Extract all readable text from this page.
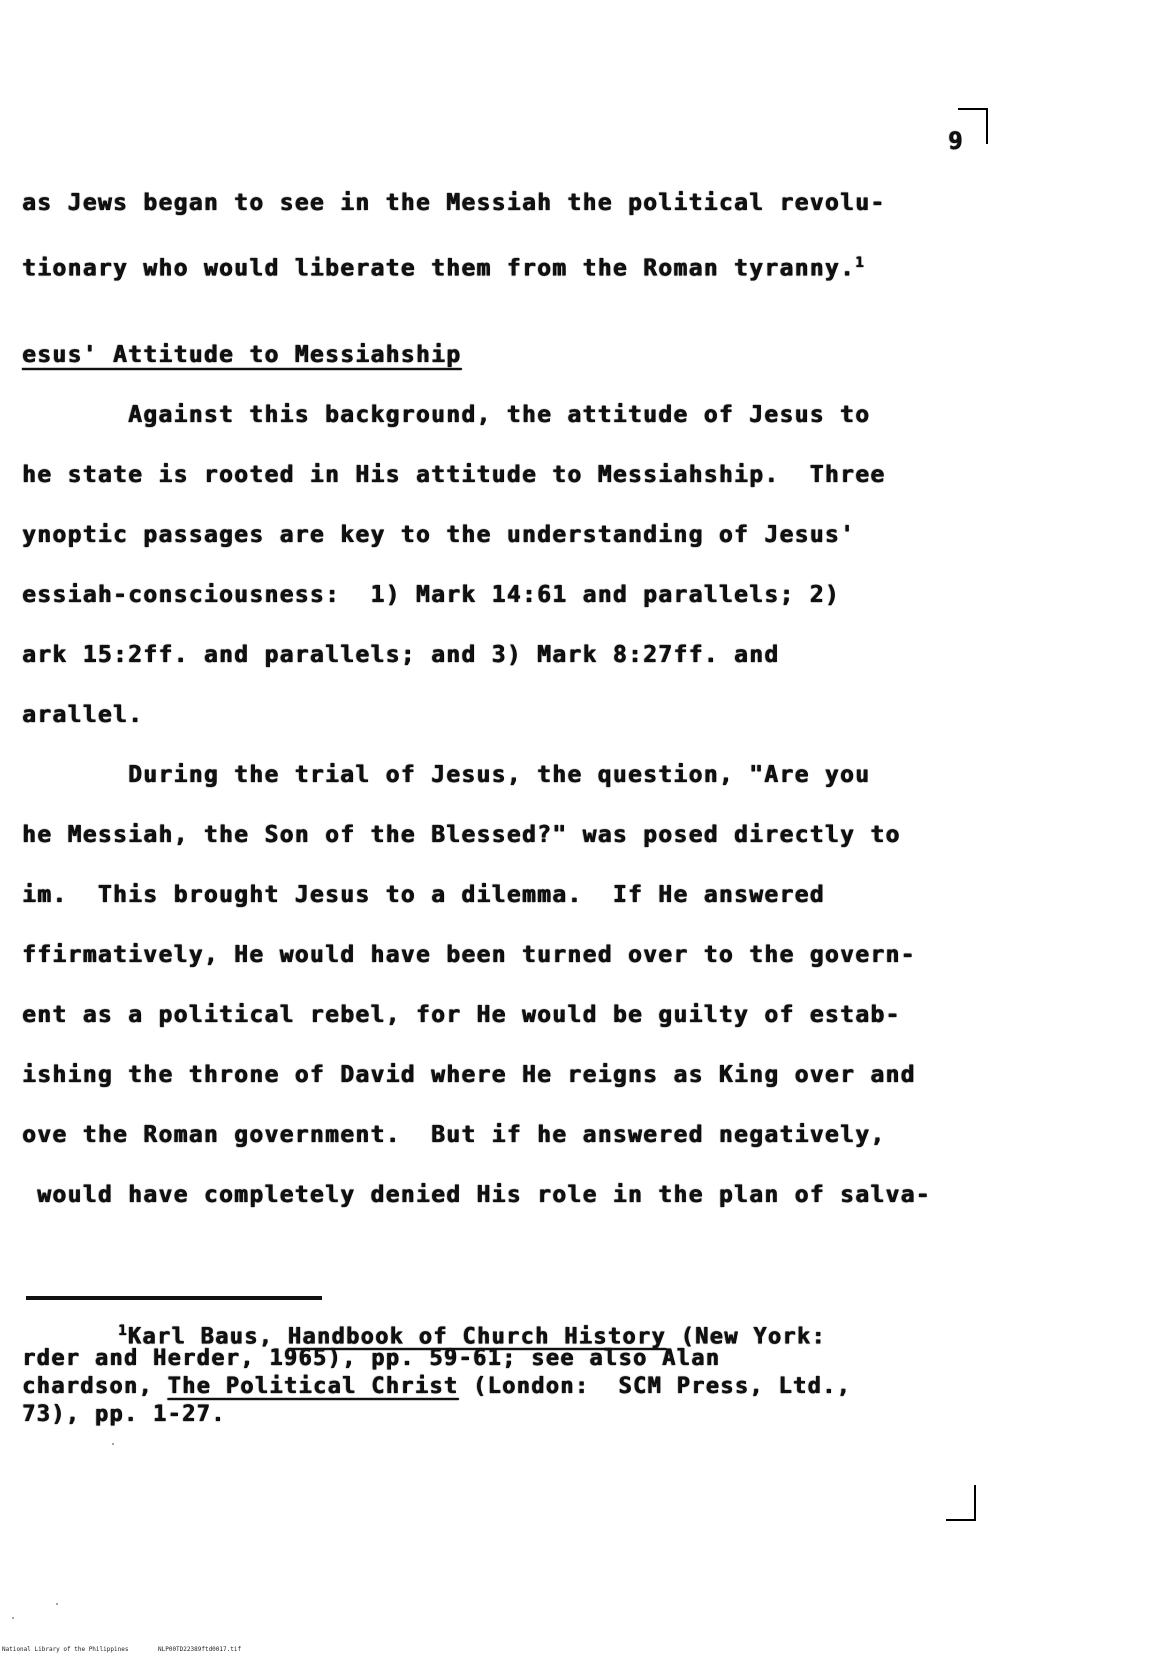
9
as Jews began to see in the Messiah the political revolu-
tionary who would liberate them from the Roman tyranny.$^1$
esus' Attitude to Messiahship
Against this background, the attitude of Jesus to
he state is rooted in His attitude to Messiahship.  Three
ynoptic passages are key to the understanding of Jesus'
essiah-consciousness:  1) Mark 14:61 and parallels; 2)
ark 15:2ff. and parallels; and 3) Mark 8:27ff. and
arallel.
During the trial of Jesus, the question, "Are you
he Messiah, the Son of the Blessed?" was posed directly to
im.  This brought Jesus to a dilemma.  If He answered
ffirmatively, He would have been turned over to the govern-
ent as a political rebel, for He would be guilty of estab-
ishing the throne of David where He reigns as King over and
ove the Roman government.  But if he answered negatively,
would have completely denied His role in the plan of salva-
$^1$Karl Baus, Handbook of Church History (New York:
rder and Herder, 1965), pp. 59-61; see also Alan
chardson, The Political Christ (London:  SCM Press, Ltd.,
73), pp. 1-27.
National Library of the Philippines	NLP00TD22389ftd0017.tif
